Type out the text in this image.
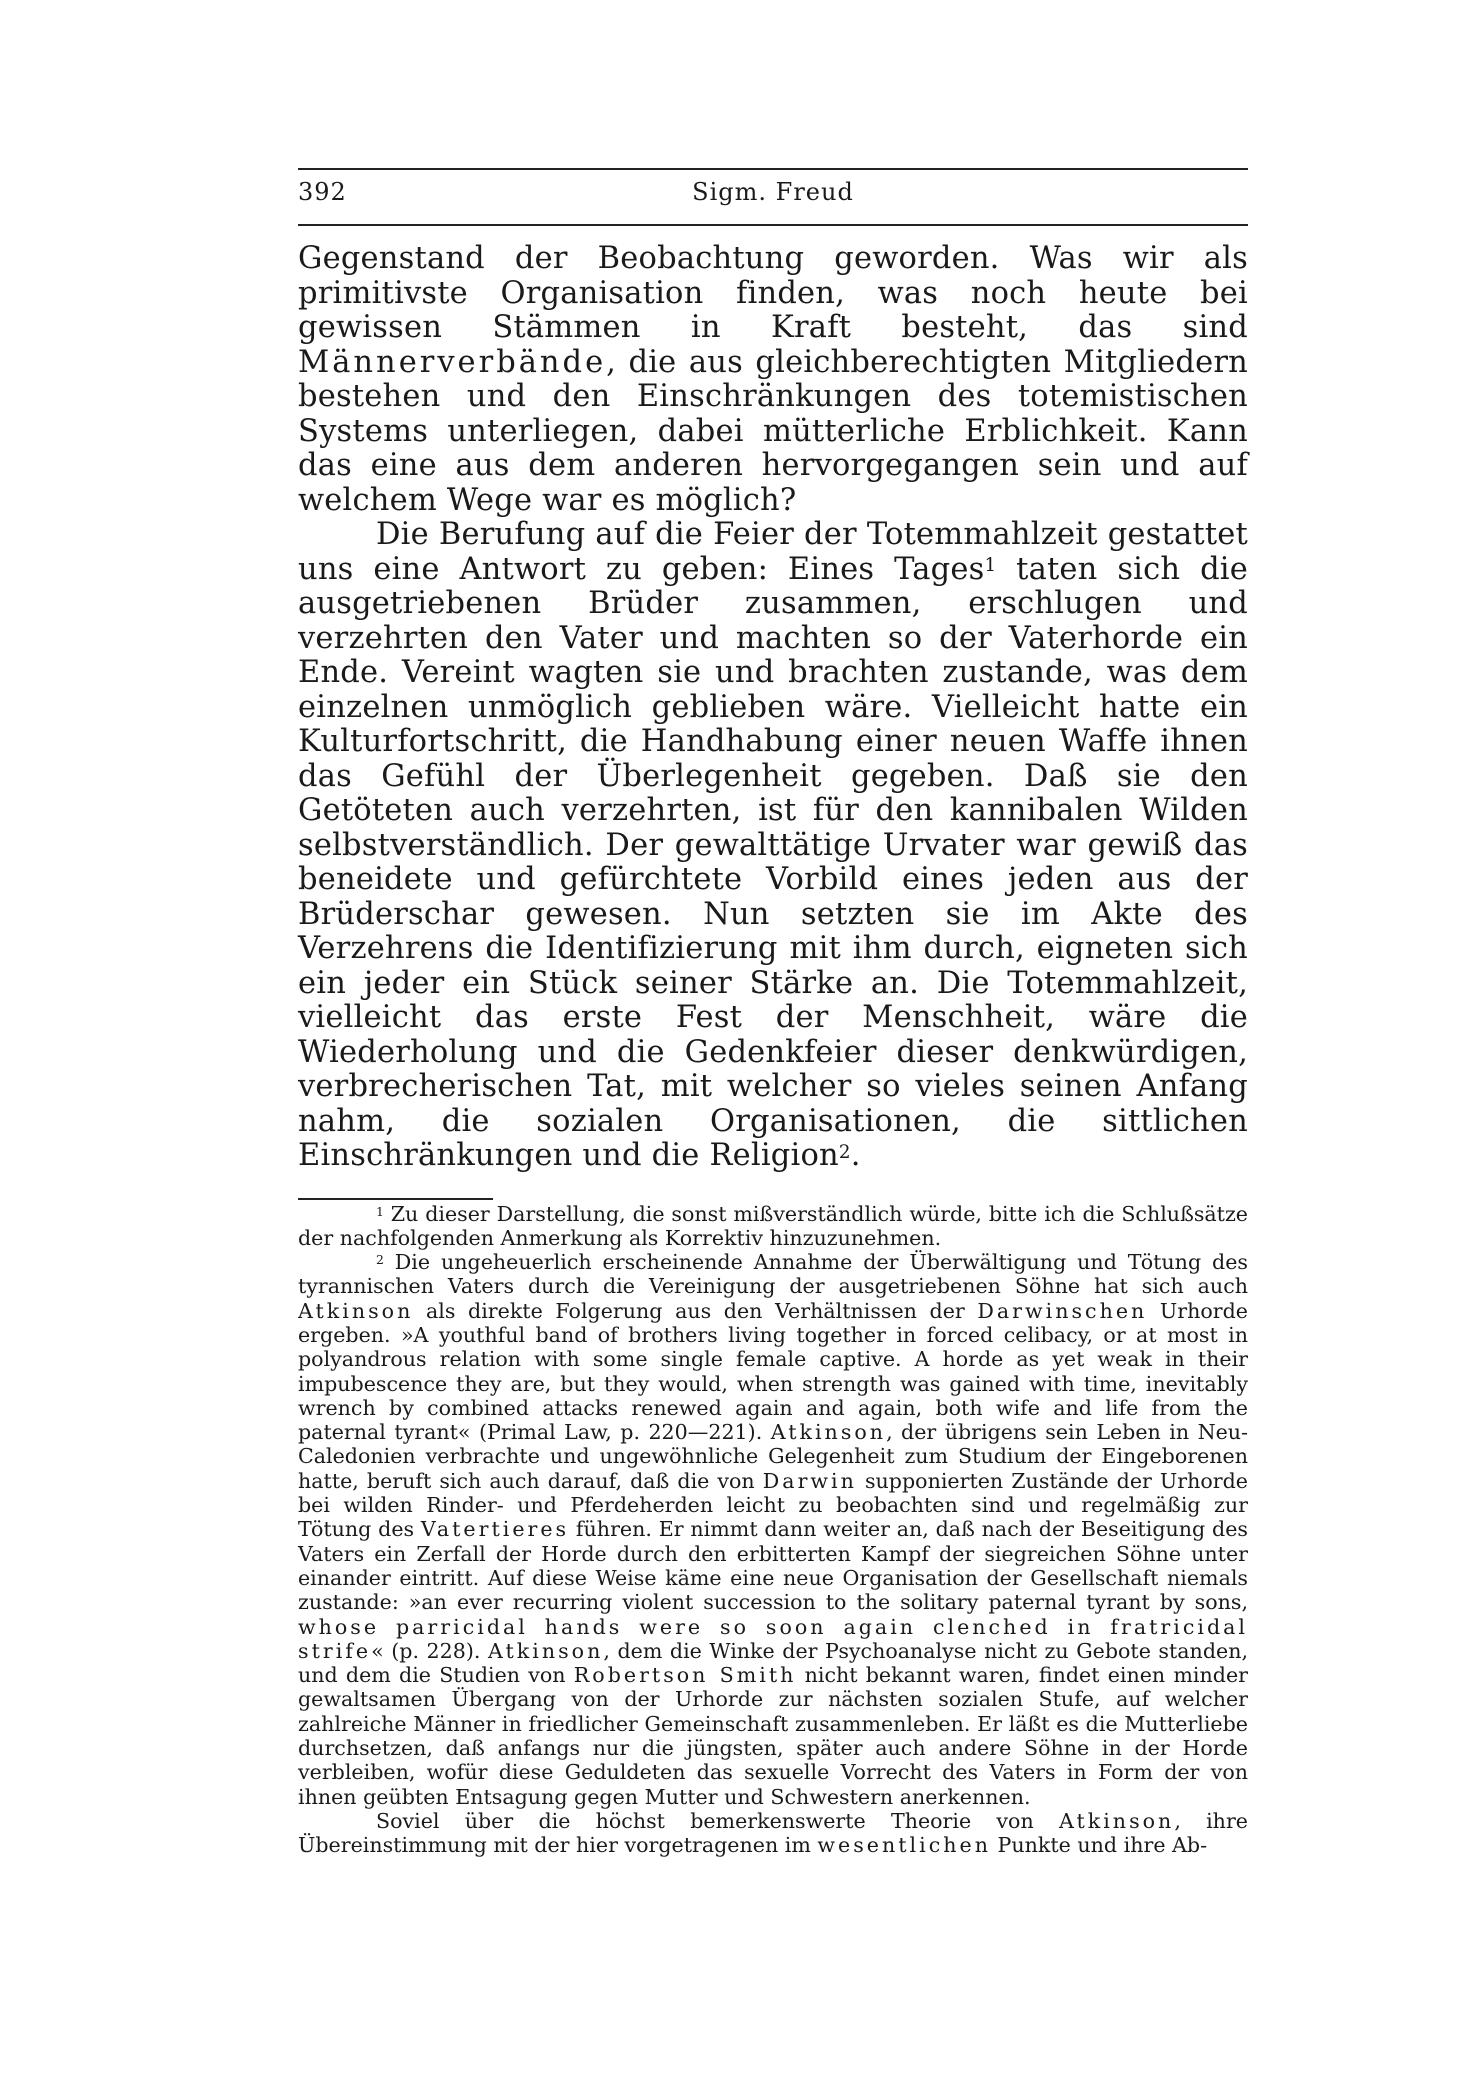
392	Sigm. Freud

Gegenstand der Beobachtung geworden. Was wir als primitivste Organisation finden, was noch heute bei gewissen Stämmen in Kraft besteht, das sind Männerverbände, die aus gleichberechtigten Mitgliedern bestehen und den Einschränkungen des totemistischen Systems unterliegen, dabei mütterliche Erblichkeit. Kann das eine aus dem anderen hervorgegangen sein und auf welchem Wege war es möglich?

Die Berufung auf die Feier der Totemmahlzeit gestattet uns eine Antwort zu geben: Eines Tages$^1$ taten sich die ausgetriebenen Brüder zusammen, erschlugen und verzehrten den Vater und machten so der Vaterhorde ein Ende. Vereint wagten sie und brachten zustande, was dem einzelnen unmöglich geblieben wäre. Vielleicht hatte ein Kulturfortschritt, die Handhabung einer neuen Waffe ihnen das Gefühl der Überlegenheit gegeben. Daß sie den Getöteten auch verzehrten, ist für den kannibalen Wilden selbstverständlich. Der gewalttätige Urvater war gewiß das beneidete und gefürchtete Vorbild eines jeden aus der Brüderschar gewesen. Nun setzten sie im Akte des Verzehrens die Identifizierung mit ihm durch, eigneten sich ein jeder ein Stück seiner Stärke an. Die Totemmahlzeit, vielleicht das erste Fest der Menschheit, wäre die Wiederholung und die Gedenkfeier dieser denkwürdigen, verbrecherischen Tat, mit welcher so vieles seinen Anfang nahm, die sozialen Organisationen, die sittlichen Einschränkungen und die Religion$^2$.

$^1$ Zu dieser Darstellung, die sonst mißverständlich würde, bitte ich die Schlußsätze der nachfolgenden Anmerkung als Korrektiv hinzuzunehmen.

$^2$ Die ungeheuerlich erscheinende Annahme der Überwältigung und Tötung des tyrannischen Vaters durch die Vereinigung der ausgetriebenen Söhne hat sich auch Atkinson als direkte Folgerung aus den Verhältnissen der Darwinschen Urhorde ergeben. »A youthful band of brothers living together in forced celibacy, or at most in polyandrous relation with some single female captive. A horde as yet weak in their impubescence they are, but they would, when strength was gained with time, inevitably wrench by combined attacks renewed again and again, both wife and life from the paternal tyrant« (Primal Law, p. 220—221). Atkinson, der übrigens sein Leben in Neu-Caledonien verbrachte und ungewöhnliche Gelegenheit zum Studium der Eingeborenen hatte, beruft sich auch darauf, daß die von Darwin supponierten Zustände der Urhorde bei wilden Rinder- und Pferdeherden leicht zu beobachten sind und regelmäßig zur Tötung des Vatertieres führen. Er nimmt dann weiter an, daß nach der Beseitigung des Vaters ein Zerfall der Horde durch den erbitterten Kampf der siegreichen Söhne unter einander eintritt. Auf diese Weise käme eine neue Organisation der Gesellschaft niemals zustande: »an ever recurring violent succession to the solitary paternal tyrant by sons, whose parricidal hands were so soon again clenched in fratricidal strife« (p. 228). Atkinson, dem die Winke der Psychoanalyse nicht zu Gebote standen, und dem die Studien von Robertson Smith nicht bekannt waren, findet einen minder gewaltsamen Übergang von der Urhorde zur nächsten sozialen Stufe, auf welcher zahlreiche Männer in friedlicher Gemeinschaft zusammenleben. Er läßt es die Mutterliebe durchsetzen, daß anfangs nur die jüngsten, später auch andere Söhne in der Horde verbleiben, wofür diese Geduldeten das sexuelle Vorrecht des Vaters in Form der von ihnen geübten Entsagung gegen Mutter und Schwestern anerkennen.

Soviel über die höchst bemerkenswerte Theorie von Atkinson, ihre Übereinstimmung mit der hier vorgetragenen im wesentlichen Punkte und ihre Ab-
